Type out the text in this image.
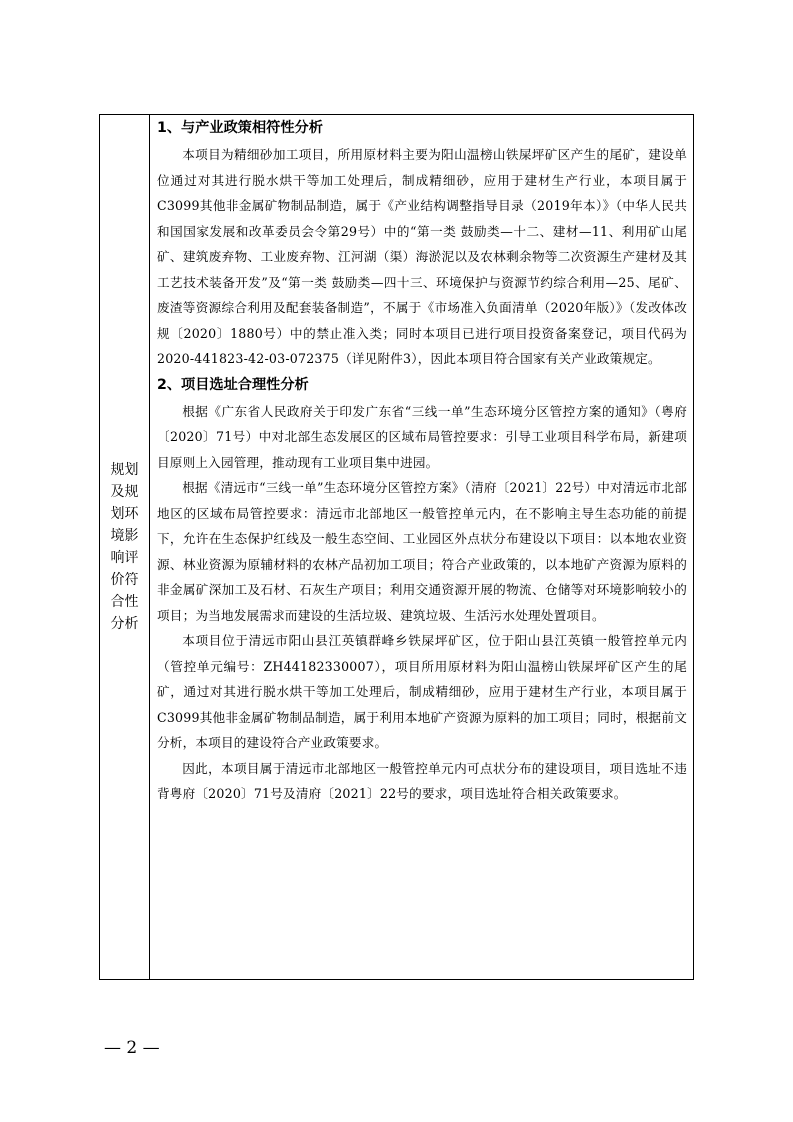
规划及规划环境影响评价符合性分析

1、与产业政策相符性分析

本项目为精细砂加工项目，所用原材料主要为阳山温榜山铁屎坪矿区产生的尾矿，建设单位通过对其进行脱水烘干等加工处理后，制成精细砂，应用于建材生产行业，本项目属于C3099其他非金属矿物制品制造，属于《产业结构调整指导目录（2019年本）》（中华人民共和国国家发展和改革委员会令第29号）中的“第一类 鼓励类—十二、建材—11、利用矿山尾矿、建筑废弃物、工业废弃物、江河湖（渠）海淤泥以及农林剩余物等二次资源生产建材及其工艺技术装备开发”及“第一类 鼓励类—四十三、环境保护与资源节约综合利用—25、尾矿、废渣等资源综合利用及配套装备制造”，不属于《市场准入负面清单（2020年版）》（发改体改规〔2020〕1880号）中的禁止准入类；同时本项目已进行项目投资备案登记，项目代码为2020-441823-42-03-072375（详见附件3），因此本项目符合国家有关产业政策规定。

2、项目选址合理性分析

根据《广东省人民政府关于印发广东省“三线一单”生态环境分区管控方案的通知》（粤府〔2020〕71号）中对北部生态发展区的区域布局管控要求：引导工业项目科学布局，新建项目原则上入园管理，推动现有工业项目集中进园。

根据《清远市“三线一单”生态环境分区管控方案》（清府〔2021〕22号）中对清远市北部地区的区域布局管控要求：清远市北部地区一般管控单元内，在不影响主导生态功能的前提下，允许在生态保护红线及一般生态空间、工业园区外点状分布建设以下项目：以本地农业资源、林业资源为原辅材料的农林产品初加工项目；符合产业政策的，以本地矿产资源为原料的非金属矿深加工及石材、石灰生产项目；利用交通资源开展的物流、仓储等对环境影响较小的项目；为当地发展需求而建设的生活垃圾、建筑垃圾、生活污水处理处置项目。

本项目位于清远市阳山县江英镇群峰乡铁屎坪矿区，位于阳山县江英镇一般管控单元内（管控单元编号：ZH44182330007），项目所用原材料为阳山温榜山铁屎坪矿区产生的尾矿，通过对其进行脱水烘干等加工处理后，制成精细砂，应用于建材生产行业，本项目属于C3099其他非金属矿物制品制造，属于利用本地矿产资源为原料的加工项目；同时，根据前文分析，本项目的建设符合产业政策要求。

因此，本项目属于清远市北部地区一般管控单元内可点状分布的建设项目，项目选址不违背粤府〔2020〕71号及清府〔2021〕22号的要求，项目选址符合相关政策要求。

— 2 —
